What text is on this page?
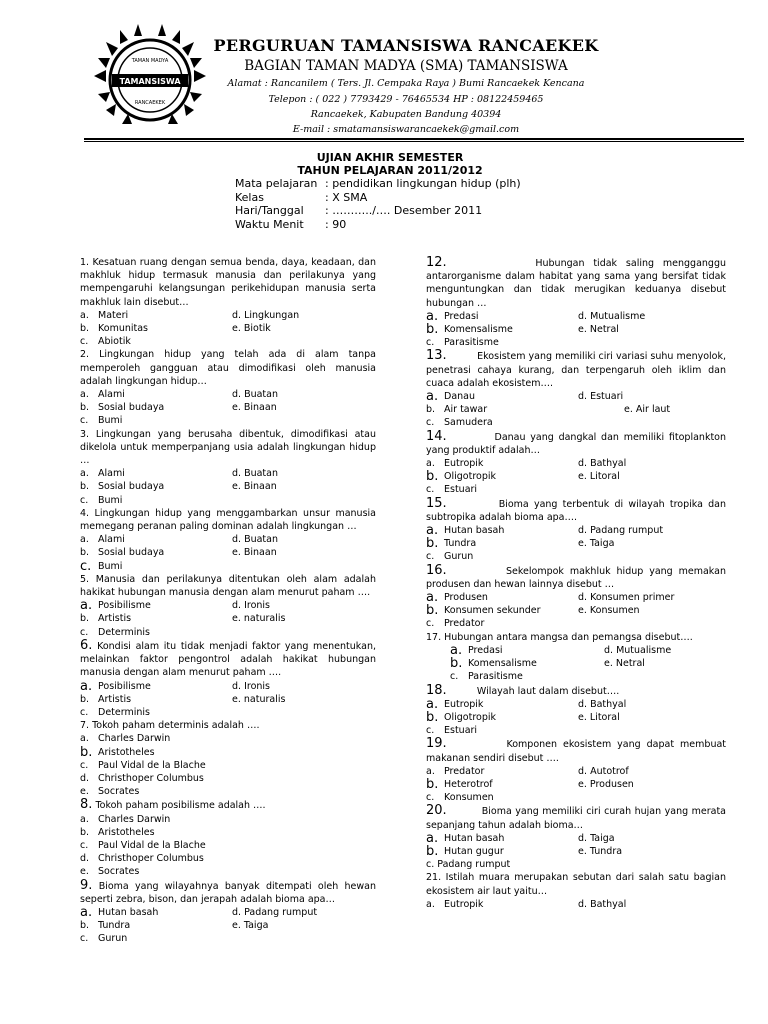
TAMANSISWA
TAMAN MADYA
RANCAEKEK
PERGURUAN TAMANSISWA RANCAEKEK
BAGIAN TAMAN MADYA (SMA) TAMANSISWA
Alamat : Rancanilem ( Ters. Jl. Cempaka Raya ) Bumi Rancaekek Kencana
Telepon : ( 022 ) 7793429 - 76465534 HP : 08122459465
Rancaekek, Kabupaten Bandung 40394
E-mail : smatamansiswarancaekek@gmail.com
UJIAN AKHIR SEMESTER
TAHUN PELAJARAN 2011/2012
Mata pelajaran : pendidikan lingkungan hidup (plh)
Kelas	: X SMA
Hari/Tanggal	: ………../…. Desember 2011
Waktu Menit	: 90
1. Kesatuan ruang dengan semua benda, daya, keadaan, dan makhluk hidup termasuk manusia dan perilakunya yang mempengaruhi kelangsungan perikehidupan manusia serta makhluk lain disebut…
a. Materi	d. Lingkungan
b. Komunitas	e. Biotik
c.	Abiotik
2. Lingkungan hidup yang telah ada di alam tanpa memperoleh gangguan atau dimodifikasi oleh manusia adalah lingkungan hidup…
a. Alami	d. Buatan
b. Sosial budaya	e. Binaan
c.	Bumi
3. Lingkungan yang berusaha dibentuk, dimodifikasi atau dikelola untuk memperpanjang usia adalah lingkungan hidup …
a. Alami	d. Buatan
b. Sosial budaya	e. Binaan
c.	Bumi
4. Lingkungan hidup yang menggambarkan unsur manusia memegang peranan paling dominan adalah lingkungan …
a. Alami	d. Buatan
b. Sosial budaya	e. Binaan
c. Bumi
5. Manusia dan perilakunya ditentukan oleh alam adalah hakikat hubungan manusia dengan alam menurut paham ….
a. Posibilisme	d. Ironis
b. Artistis	e. naturalis
c.	Determinis
6. Kondisi alam itu tidak menjadi faktor yang menentukan, melainkan faktor pengontrol adalah hakikat hubungan manusia dengan alam menurut paham ….
a. Posibilisme	d. Ironis
b. Artistis	e. naturalis
c.	Determinis
7. Tokoh paham determinis adalah ….
a. Charles Darwin
b. Aristotheles
c.	Paul Vidal de la Blache
d. Christhoper Columbus
e. Socrates
8. Tokoh paham posibilisme adalah ….
a. Charles Darwin
b. Aristotheles
c.	Paul Vidal de la Blache
d. Christhoper Columbus
e. Socrates
9. Bioma yang wilayahnya banyak ditempati oleh hewan seperti zebra, bison, dan jerapah adalah bioma apa…
a. Hutan basah	d. Padang rumput
b. Tundra	e. Taiga
c.	Gurun
12.	Hubungan tidak saling mengganggu antarorganisme dalam habitat yang sama yang bersifat tidak menguntungkan dan tidak merugikan keduanya disebut hubungan …
a. Predasi	d. Mutualisme
b. Komensalisme	e. Netral
c.	Parasitisme
13.	Ekosistem yang memiliki ciri variasi suhu menyolok, penetrasi cahaya kurang, dan terpengaruh oleh iklim dan cuaca adalah ekosistem….
a. Danau	d. Estuari
b. Air tawar	e. Air laut
c.	Samudera
14.	Danau yang dangkal dan memiliki fitoplankton yang produktif adalah…
a. Eutropik	d. Bathyal
b. Oligotropik	e. Litoral
c.	Estuari
15.	Bioma yang terbentuk di wilayah tropika dan subtropika adalah bioma apa….
a. Hutan basah	d. Padang rumput
b. Tundra	e. Taiga
c.	Gurun
16.	Sekelompok makhluk hidup yang memakan produsen dan hewan lainnya disebut …
a. Produsen	d. Konsumen primer
b. Konsumen sekunder	e. Konsumen
c.	Predator
17. Hubungan antara mangsa dan pemangsa disebut….
a. Predasi	d. Mutualisme
b. Komensalisme	e. Netral
c.	Parasitisme
18.	Wilayah laut dalam disebut….
a. Eutropik	d. Bathyal
b. Oligotropik	e. Litoral
c.	Estuari
19.	Komponen ekosistem yang dapat membuat makanan sendiri disebut ….
a. Predator	d. Autotrof
b. Heterotrof	e. Produsen
c.	Konsumen
20.	Bioma yang memiliki ciri curah hujan yang merata sepanjang tahun adalah bioma…
a. Hutan basah	d. Taiga
b. Hutan gugur	e. Tundra
c. Padang rumput
21. Istilah muara merupakan sebutan dari salah satu bagian ekosistem air laut yaitu…
a. Eutropik	d. Bathyal
